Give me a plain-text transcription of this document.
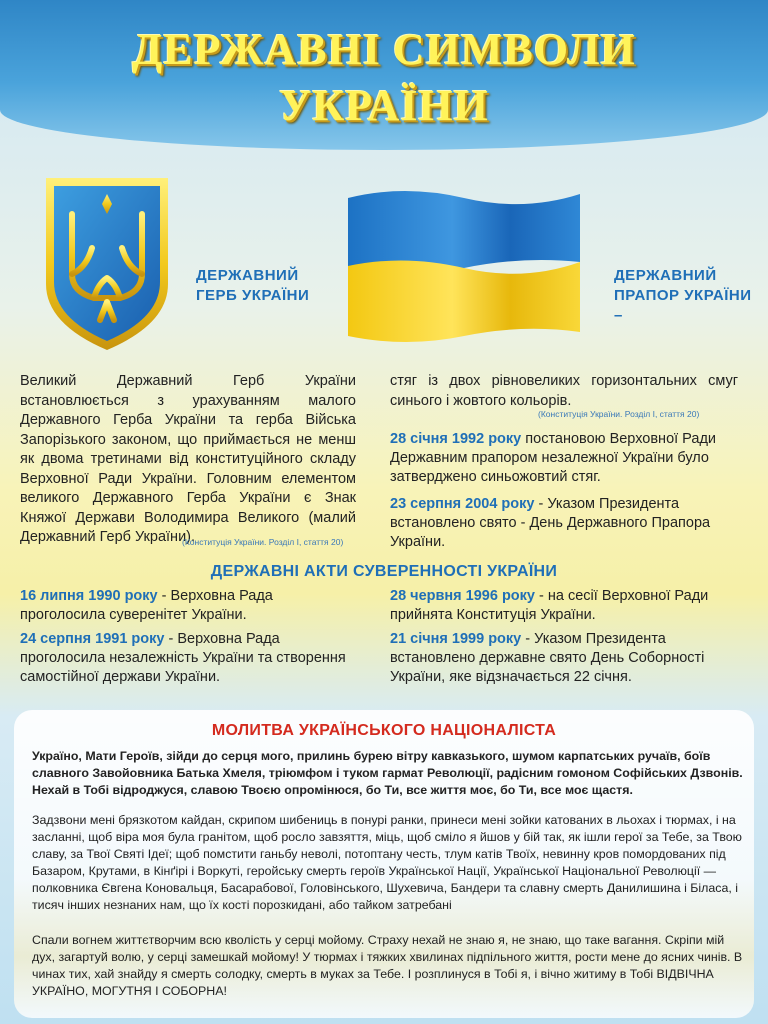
ДЕРЖАВНІ СИМВОЛИ
УКРАЇНИ
ДЕРЖАВНИЙ ГЕРБ УКРАЇНИ
ДЕРЖАВНИЙ ПРАПОР УКРАЇНИ –
Великий Державний Герб України встановлюється з урахуванням малого Державного Герба України та герба Війська Запорізького законом, що приймається не менш як двома третинами від конституційного складу Верховної Ради України. Головним елементом великого Державного Герба України є Знак Княжої Держави Володимира Великого (малий Державний Герб України).
(Конституція України. Розділ І, стаття 20)
стяг із двох рівновеликих горизонтальних смуг синього і жовтого кольорів.
(Конституція України. Розділ І, стаття 20)
28 січня 1992 року постановою Верховної Ради Державним прапором незалежної України було затверджено синьожовтий стяг.
23 серпня 2004 року - Указом Президента встановлено свято - День Державного Прапора України.
ДЕРЖАВНІ АКТИ СУВЕРЕННОСТІ УКРАЇНИ
16 липня 1990 року - Верховна Рада проголосила суверенітет України.
24 серпня 1991 року - Верховна Рада проголосила незалежність України та створення самостійної держави України.
28 червня 1996 року - на сесії Верховної Ради прийнята Конституція України.
21 січня 1999 року - Указом Президента встановлено державне свято День Соборності України, яке відзначається 22 січня.
МОЛИТВА УКРАЇНСЬКОГО НАЦІОНАЛІСТА
Україно, Мати Героїв, зійди до серця мого, прилинь бурею вітру кавказького, шумом карпатських ручаїв, боїв славного Завойовника Батька Хмеля, тріюмфом і туком гармат Революції, радісним гомоном Софійських Дзвонів. Нехай в Тобі відроджуся, славою Твоєю опромінюся, бо Ти, все життя моє, бо Ти, все моє щастя.
Задзвони мені брязкотом кайдан, скрипом шибениць в понурі ранки, принеси мені зойки катованих в льохах і тюрмах, і на засланні, щоб віра моя була гранітом, щоб росло завзяття, міць, щоб сміло я йшов у бій так, як ішли герої за Тебе, за Твою славу, за Твої Святі Ідеї; щоб помстити ганьбу неволі, потоптану честь, тлум катів Твоїх, невинну кров помордованих під Базаром, Крутами, в Кінґірі і Воркуті, геройську смерть героїв Української Нації, Української Національної Революції — полковника Євгена Коновальця, Басарабової, Головінського, Шухевича, Бандери та славну смерть Данилишина і Біласа, і тисяч інших незнаних нам, що їх кості порозкидані, або тайком затребані
Спали вогнем життєтворчим всю кволість у серці мойому. Страху нехай не знаю я, не знаю, що таке вагання. Скріпи мій дух, загартуй волю, у серці замешкай мойому! У тюрмах і тяжких хвилинах підпільного життя, рости мене до ясних чинів. В чинах тих, хай знайду я смерть солодку, смерть в муках за Тебе. І розплинуся в Тобі я, і вічно житиму в Тобі ВІДВІЧНА УКРАЇНО, МОГУТНЯ І СОБОРНА!
